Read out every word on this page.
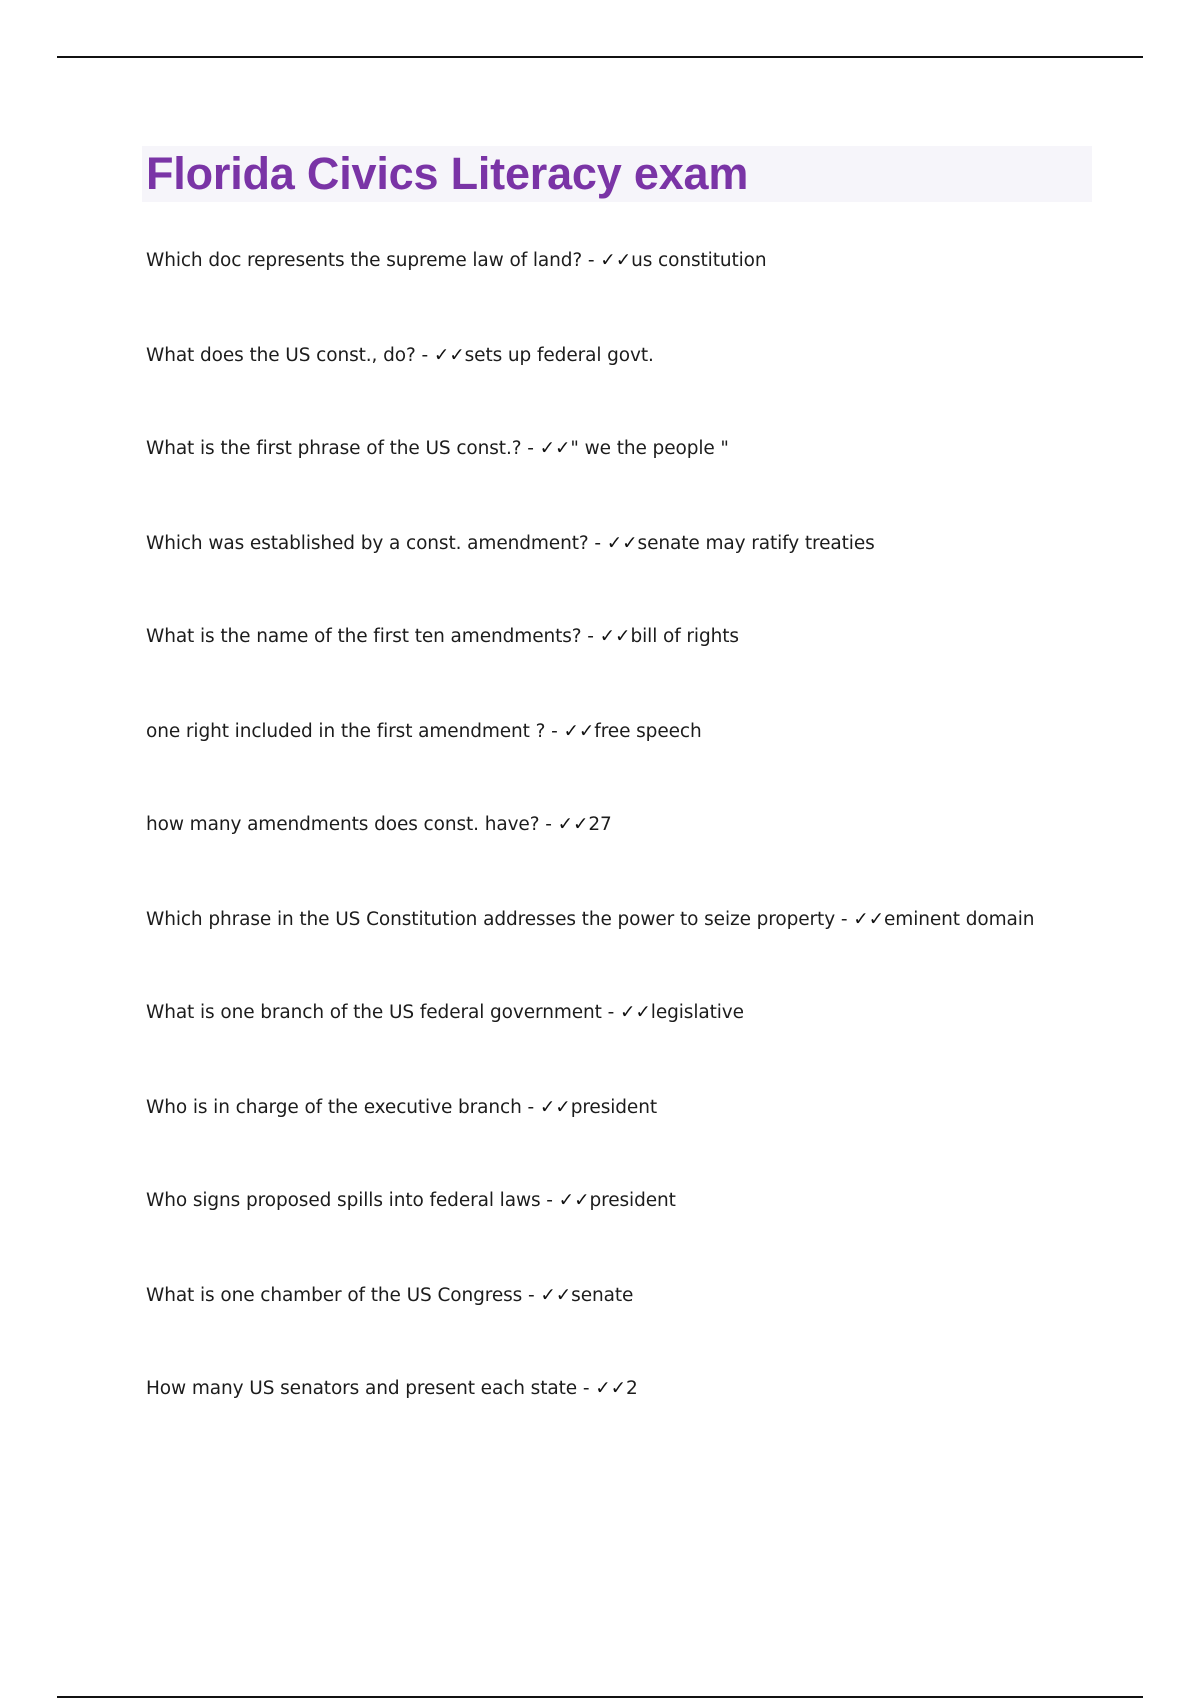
Florida Civics Literacy exam
Which doc represents the supreme law of land? - ✓✓us constitution
What does the US const., do? - ✓✓sets up federal govt.
What is the first phrase of the US const.? - ✓✓" we the people "
Which was established by a const. amendment? - ✓✓senate may ratify treaties
What is the name of the first ten amendments? - ✓✓bill of rights
one right included in the first amendment ? - ✓✓free speech
how many amendments does const. have? - ✓✓27
Which phrase in the US Constitution addresses the power to seize property - ✓✓eminent domain
What is one branch of the US federal government - ✓✓legislative
Who is in charge of the executive branch - ✓✓president
Who signs proposed spills into federal laws - ✓✓president
What is one chamber of the US Congress - ✓✓senate
How many US senators and present each state - ✓✓2
